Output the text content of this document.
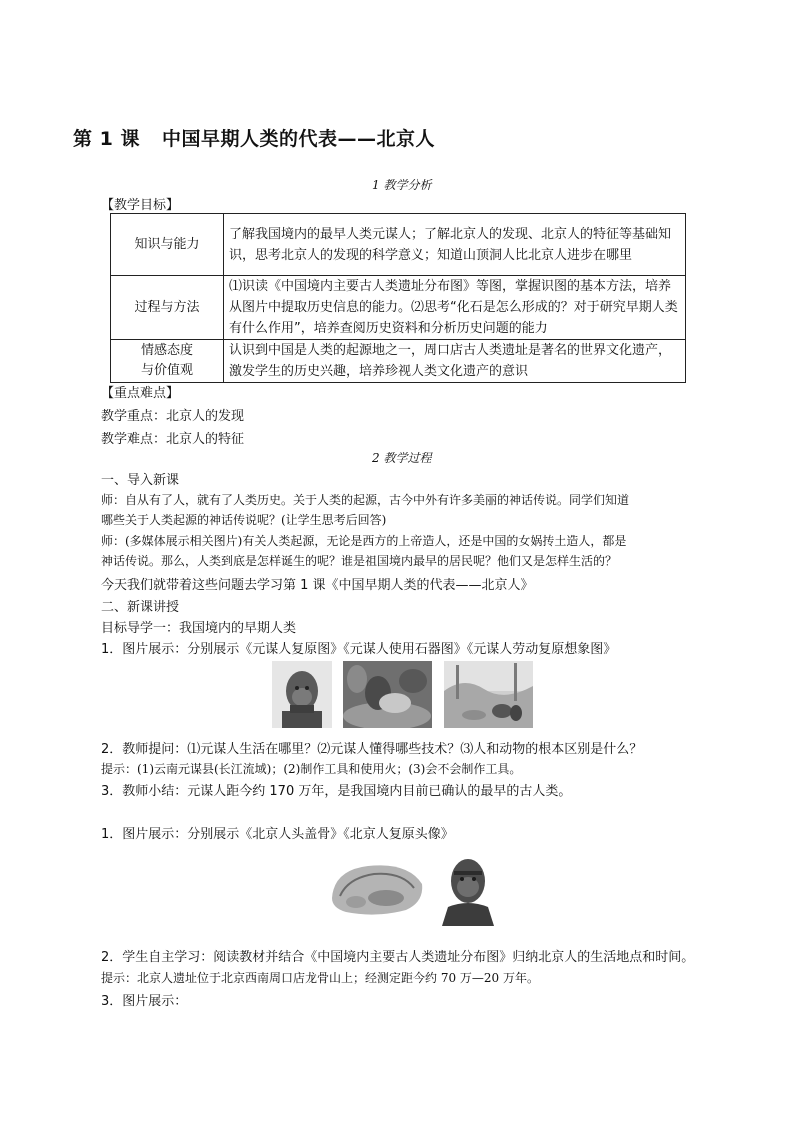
第 1 课 中国早期人类的代表——北京人
1 教学分析
【教学目标】
知识与能力	了解我国境内的最早人类元谋人；了解北京人的发现、北京人的特征等基础知识，思考北京人的发现的科学意义；知道山顶洞人比北京人进步在哪里

过程与方法	⑴识读《中国境内主要古人类遗址分布图》等图，掌握识图的基本方法，培养从图片中提取历史信息的能力。⑵思考“化石是怎么形成的？对于研究早期人类有什么作用”，培养查阅历史资料和分析历史问题的能力

情感态度
与价值观	认识到中国是人类的起源地之一，周口店古人类遗址是著名的世界文化遗产，激发学生的历史兴趣，培养珍视人类文化遗产的意识
【重点难点】
教学重点：北京人的发现
教学难点：北京人的特征
2 教学过程
一、导入新课
师：自从有了人，就有了人类历史。关于人类的起源，古今中外有许多美丽的神话传说。同学们知道
哪些关于人类起源的神话传说呢？(让学生思考后回答)
师：(多媒体展示相关图片)有关人类起源，无论是西方的上帝造人，还是中国的女娲抟土造人，都是
神话传说。那么，人类到底是怎样诞生的呢？谁是祖国境内最早的居民呢？他们又是怎样生活的？
今天我们就带着这些问题去学习第 1 课《中国早期人类的代表——北京人》
二、新课讲授
目标导学一：我国境内的早期人类
1．图片展示：分别展示《元谋人复原图》《元谋人使用石器图》《元谋人劳动复原想象图》
2．教师提问：⑴元谋人生活在哪里？⑵元谋人懂得哪些技术？⑶人和动物的根本区别是什么？
提示：(1)云南元谋县(长江流域)；(2)制作工具和使用火；(3)会不会制作工具。
3．教师小结：元谋人距今约 170 万年，是我国境内目前已确认的最早的古人类。
1．图片展示：分别展示《北京人头盖骨》《北京人复原头像》
2．学生自主学习：阅读教材并结合《中国境内主要古人类遗址分布图》归纳北京人的生活地点和时间。
提示：北京人遗址位于北京西南周口店龙骨山上；经测定距今约 70 万—20 万年。
3．图片展示：
